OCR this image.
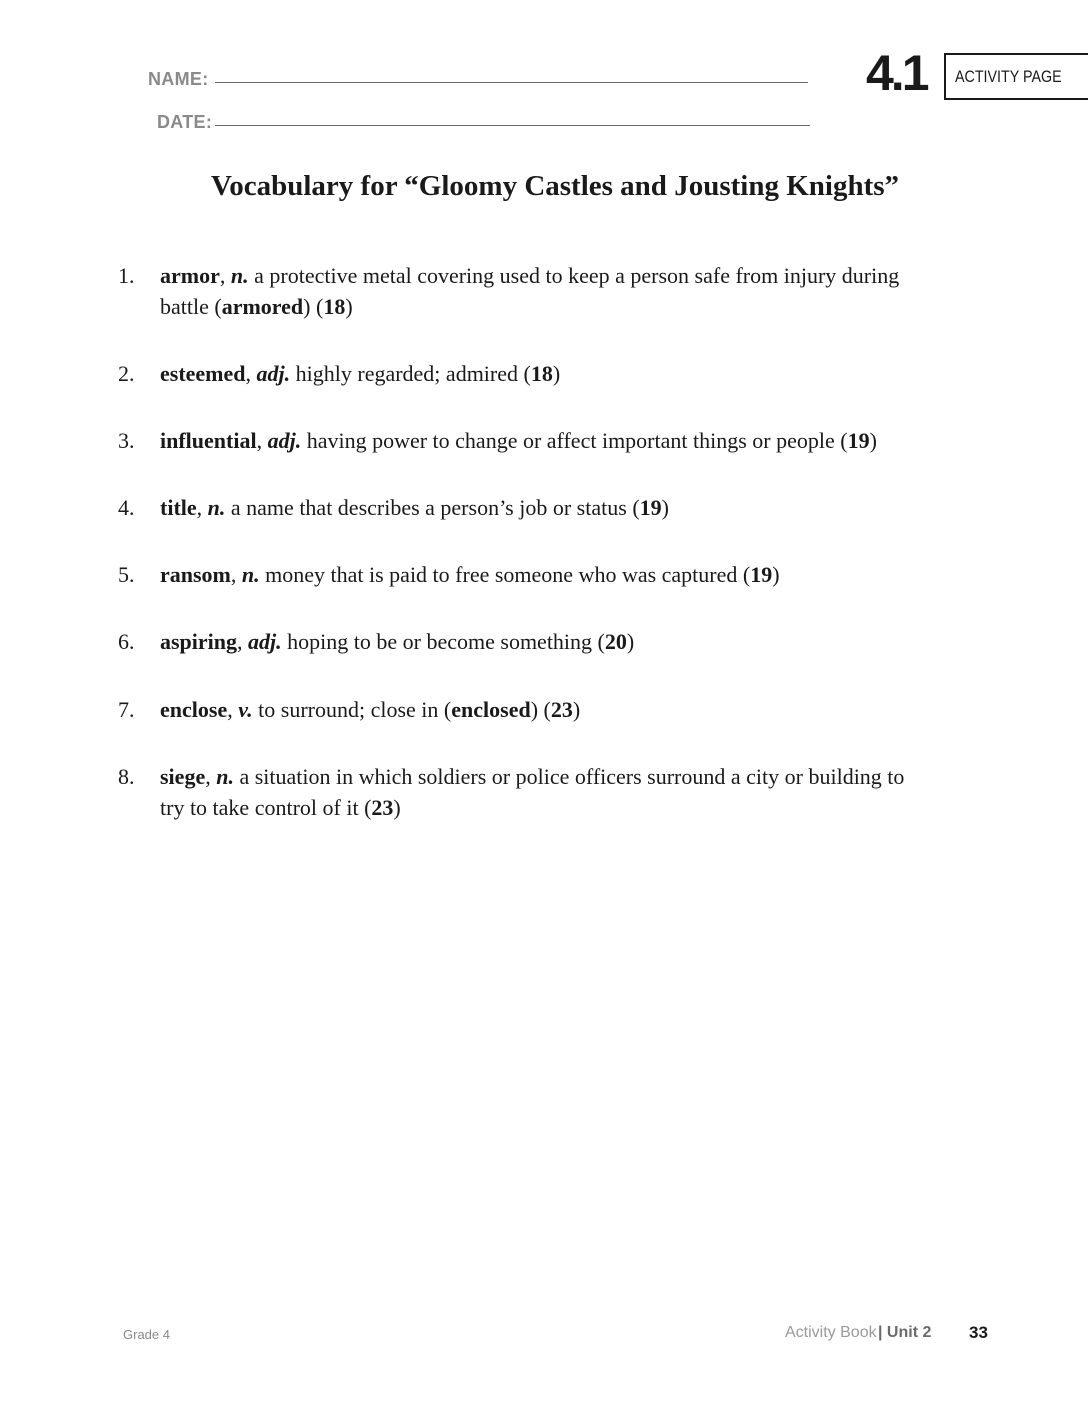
NAME:
DATE:
4.1 ACTIVITY PAGE
Vocabulary for “Gloomy Castles and Jousting Knights”
1. armor, n. a protective metal covering used to keep a person safe from injury during
battle (armored) (18)
2. esteemed, adj. highly regarded; admired (18)
3. influential, adj. having power to change or affect important things or people (19)
4. title, n. a name that describes a person’s job or status (19)
5. ransom, n. money that is paid to free someone who was captured (19)
6. aspiring, adj. hoping to be or become something (20)
7. enclose, v. to surround; close in (enclosed) (23)
8. siege, n. a situation in which soldiers or police officers surround a city or building to
try to take control of it (23)
Grade 4	Activity Book | Unit 2 33
